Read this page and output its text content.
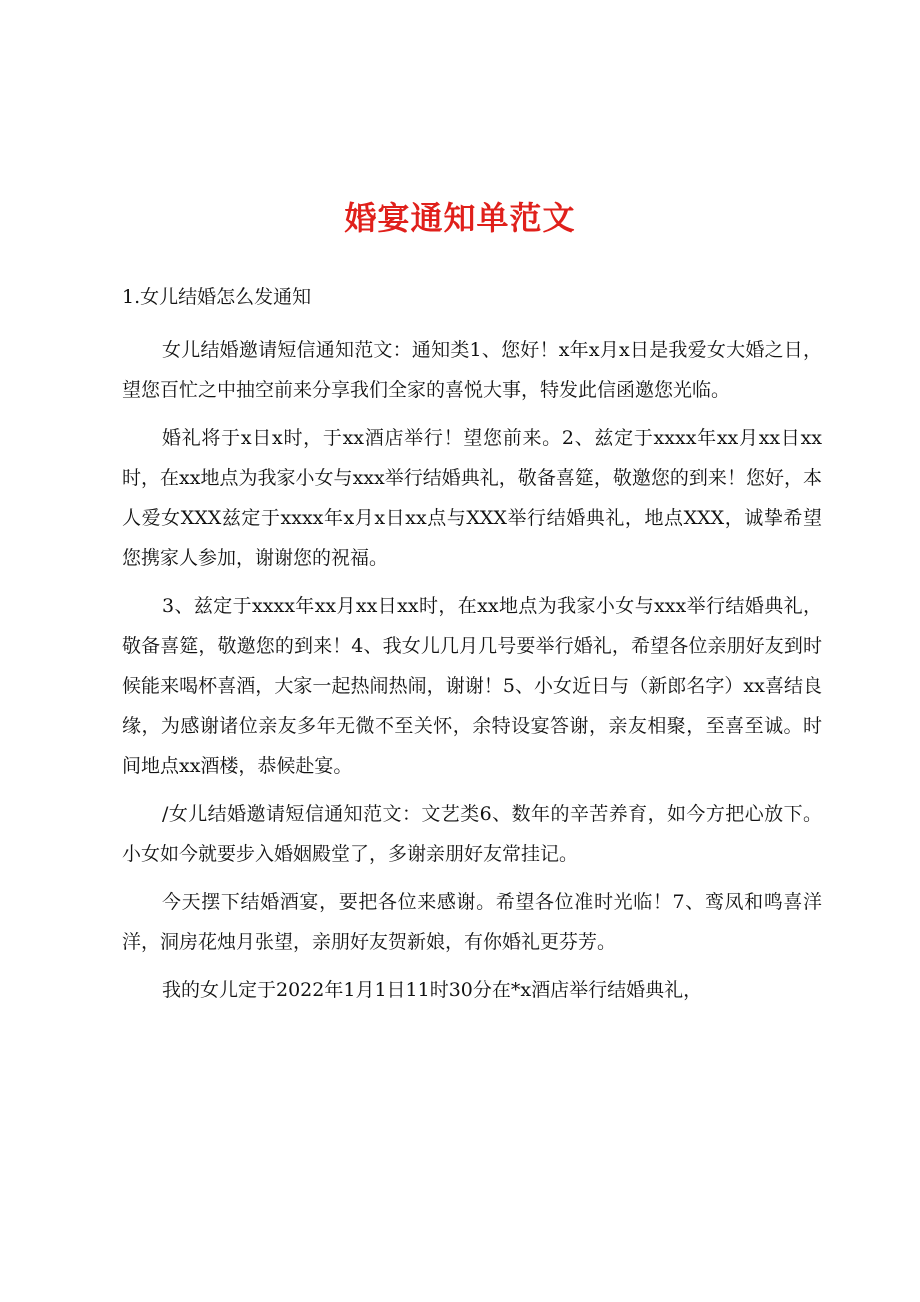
婚宴通知单范文
1.女儿结婚怎么发通知

女儿结婚邀请短信通知范文：通知类1、您好！x年x月x日是我爱女大婚之日，望您百忙之中抽空前来分享我们全家的喜悦大事，特发此信函邀您光临。

婚礼将于x日x时，于xx酒店举行！望您前来。2、兹定于xxxx年xx月xx日xx时，在xx地点为我家小女与xxx举行结婚典礼，敬备喜筵，敬邀您的到来！您好，本人爱女XXX兹定于xxxx年x月x日xx点与XXX举行结婚典礼，地点XXX，诚挚希望您携家人参加，谢谢您的祝福。

3、兹定于xxxx年xx月xx日xx时，在xx地点为我家小女与xxx举行结婚典礼，敬备喜筵，敬邀您的到来！4、我女儿几月几号要举行婚礼，希望各位亲朋好友到时候能来喝杯喜酒，大家一起热闹热闹，谢谢！5、小女近日与（新郎名字）xx喜结良缘，为感谢诸位亲友多年无微不至关怀，余特设宴答谢，亲友相聚，至喜至诚。时间地点xx酒楼，恭候赴宴。

/女儿结婚邀请短信通知范文：文艺类6、数年的辛苦养育，如今方把心放下。小女如今就要步入婚姻殿堂了，多谢亲朋好友常挂记。

今天摆下结婚酒宴，要把各位来感谢。希望各位准时光临！7、鸾凤和鸣喜洋洋，洞房花烛月张望，亲朋好友贺新娘，有你婚礼更芬芳。

我的女儿定于2022年1月1日11时30分在*x酒店举行结婚典礼，
